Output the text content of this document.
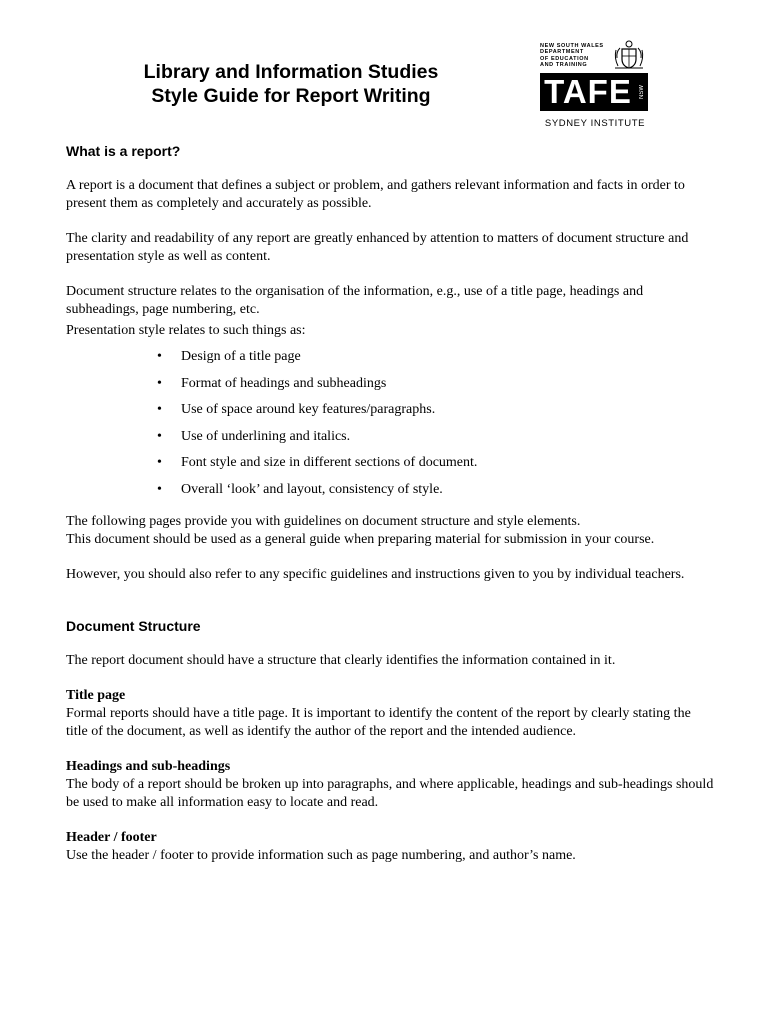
Library and Information Studies
Style Guide for Report Writing
NEW SOUTH WALES
DEPARTMENT
OF EDUCATION
AND TRAINING
TAFE	NSW
SYDNEY INSTITUTE
What is a report?

A report is a document that defines a subject or problem, and gathers relevant information and facts in order to present them as completely and accurately as possible.

The clarity and readability of any report are greatly enhanced by attention to matters of document structure and presentation style as well as content.

Document structure relates to the organisation of the information, e.g., use of a title page, headings and subheadings, page numbering, etc.

Presentation style relates to such things as:

• Design of a title page
• Format of headings and subheadings
• Use of space around key features/paragraphs.
• Use of underlining and italics.
• Font style and size in different sections of document.
• Overall ‘look’ and layout, consistency of style.

The following pages provide you with guidelines on document structure and style elements.

This document should be used as a general guide when preparing material for submission in your course.

However, you should also refer to any specific guidelines and instructions given to you by individual teachers.

Document Structure

The report document should have a structure that clearly identifies the information contained in it.

Title page

Formal reports should have a title page. It is important to identify the content of the report by clearly stating the title of the document, as well as identify the author of the report and the intended audience.

Headings and sub-headings

The body of a report should be broken up into paragraphs, and where applicable, headings and sub-headings should be used to make all information easy to locate and read.

Header / footer

Use the header / footer to provide information such as page numbering, and author’s name.
